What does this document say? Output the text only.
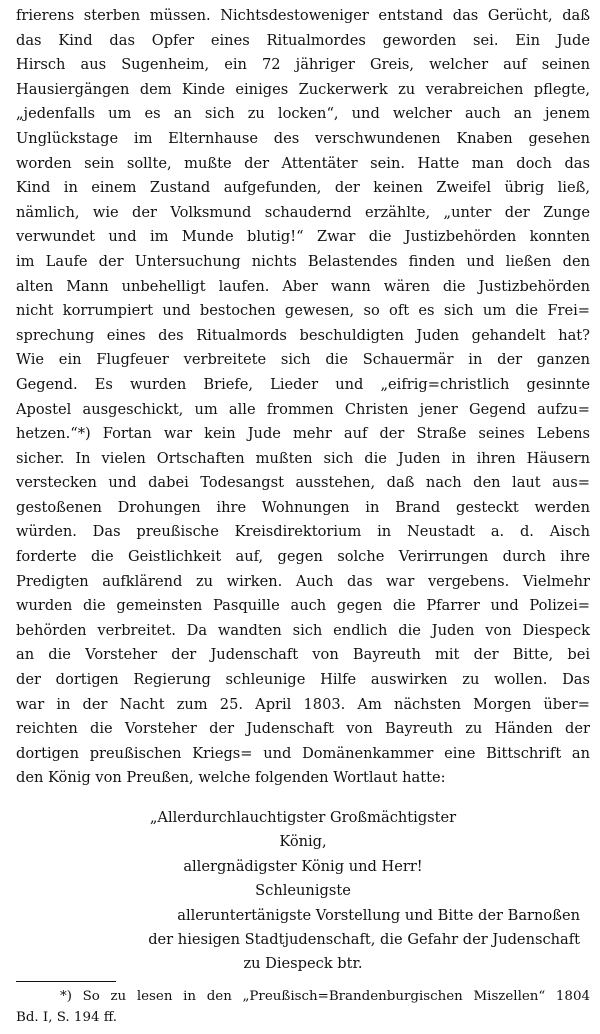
frierens sterben müssen. Nichtsdestoweniger entstand das Gerücht, daß
das Kind das Opfer eines Ritualmordes geworden sei. Ein Jude
Hirsch aus Sugenheim, ein 72 jähriger Greis, welcher auf seinen
Hausiergängen dem Kinde einiges Zuckerwerk zu verabreichen pflegte,
„jedenfalls um es an sich zu locken“, und welcher auch an jenem
Unglückstage im Elternhause des verschwundenen Knaben gesehen
worden sein sollte, mußte der Attentäter sein. Hatte man doch das
Kind in einem Zustand aufgefunden, der keinen Zweifel übrig ließ,
nämlich, wie der Volksmund schaudernd erzählte, „unter der Zunge
verwundet und im Munde blutig!“ Zwar die Justizbehörden konnten
im Laufe der Untersuchung nichts Belastendes finden und ließen den
alten Mann unbehelligt laufen. Aber wann wären die Justizbehörden
nicht korrumpiert und bestochen gewesen, so oft es sich um die Frei=
sprechung eines des Ritualmords beschuldigten Juden gehandelt hat?
Wie ein Flugfeuer verbreitete sich die Schauermär in der ganzen
Gegend. Es wurden Briefe, Lieder und „eifrig=christlich gesinnte
Apostel ausgeschickt, um alle frommen Christen jener Gegend aufzu=
hetzen.“*) Fortan war kein Jude mehr auf der Straße seines Lebens
sicher. In vielen Ortschaften mußten sich die Juden in ihren Häusern
verstecken und dabei Todesangst ausstehen, daß nach den laut aus=
gestoßenen Drohungen ihre Wohnungen in Brand gesteckt werden
würden. Das preußische Kreisdirektorium in Neustadt a. d. Aisch
forderte die Geistlichkeit auf, gegen solche Verirrungen durch ihre
Predigten aufklärend zu wirken. Auch das war vergebens. Vielmehr
wurden die gemeinsten Pasquille auch gegen die Pfarrer und Polizei=
behörden verbreitet. Da wandten sich endlich die Juden von Diespeck
an die Vorsteher der Judenschaft von Bayreuth mit der Bitte, bei
der dortigen Regierung schleunige Hilfe auswirken zu wollen. Das
war in der Nacht zum 25. April 1803. Am nächsten Morgen über=
reichten die Vorsteher der Judenschaft von Bayreuth zu Händen der
dortigen preußischen Kriegs= und Domänenkammer eine Bittschrift an
den König von Preußen, welche folgenden Wortlaut hatte:
„Allerdurchlauchtigster Großmächtigster
König,
allergnädigster König und Herr!
Schleunigste
alleruntertänigste Vorstellung und Bitte der Barnoßen
der hiesigen Stadtjudenschaft, die Gefahr der Judenschaft
zu Diespeck btr.
*) So zu lesen in den „Preußisch=Brandenburgischen Miszellen“ 1804
Bd. I, S. 194 ff.
